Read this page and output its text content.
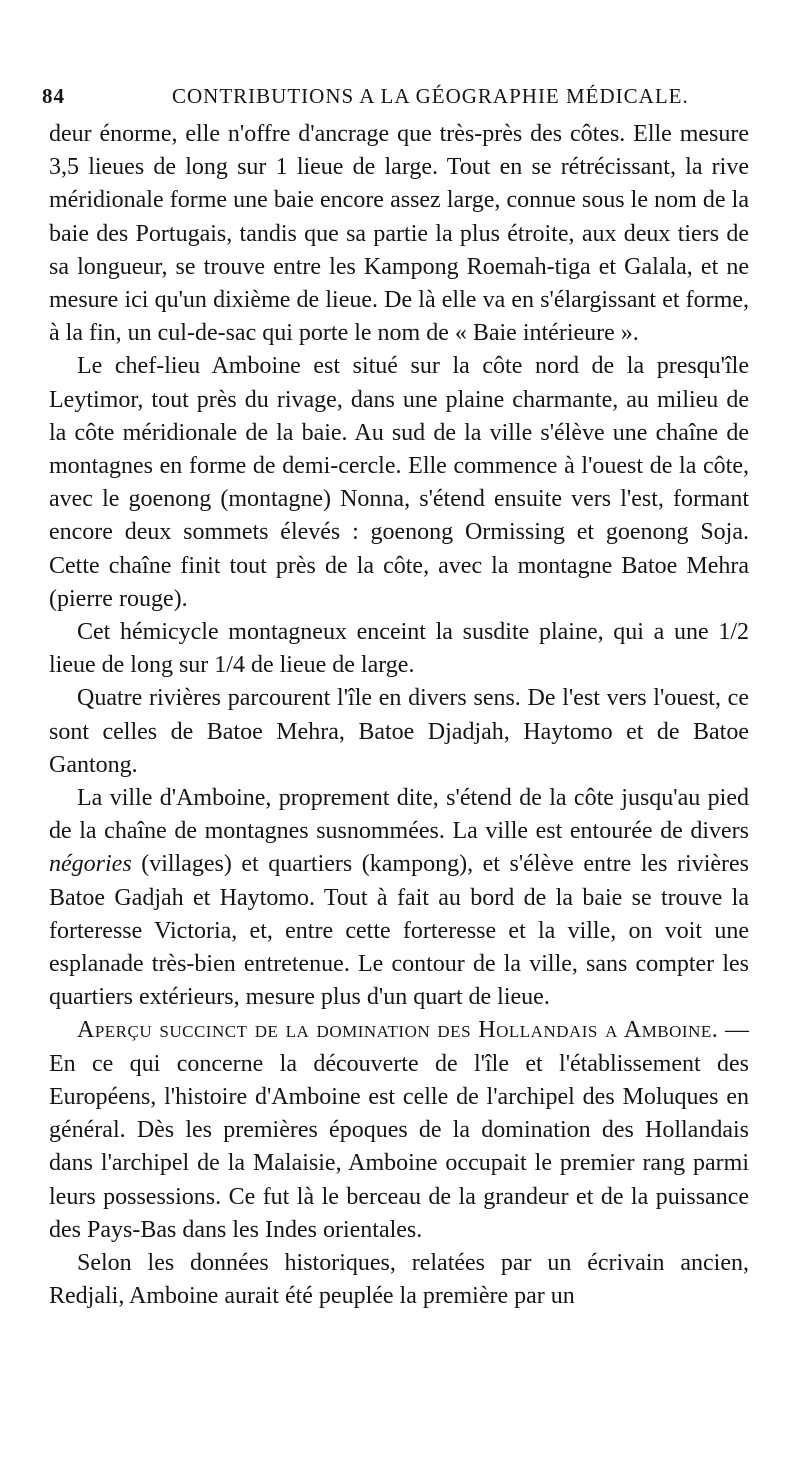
84	CONTRIBUTIONS A LA GÉOGRAPHIE MÉDICALE.

deur énorme, elle n'offre d'ancrage que très-près des côtes. Elle mesure 3,5 lieues de long sur 1 lieue de large. Tout en se rétrécissant, la rive méridionale forme une baie encore assez large, connue sous le nom de la baie des Portugais, tandis que sa partie la plus étroite, aux deux tiers de sa longueur, se trouve entre les Kampong Roemah-tiga et Galala, et ne mesure ici qu'un dixième de lieue. De là elle va en s'élargissant et forme, à la fin, un cul-de-sac qui porte le nom de « Baie intérieure ».

Le chef-lieu Amboine est situé sur la côte nord de la presqu'île Leytimor, tout près du rivage, dans une plaine charmante, au milieu de la côte méridionale de la baie. Au sud de la ville s'élève une chaîne de montagnes en forme de demi-cercle. Elle commence à l'ouest de la côte, avec le goenong (montagne) Nonna, s'étend ensuite vers l'est, formant encore deux sommets élevés : goenong Ormissing et goenong Soja. Cette chaîne finit tout près de la côte, avec la montagne Batoe Mehra (pierre rouge).

Cet hémicycle montagneux enceint la susdite plaine, qui a une 1/2 lieue de long sur 1/4 de lieue de large.

Quatre rivières parcourent l'île en divers sens. De l'est vers l'ouest, ce sont celles de Batoe Mehra, Batoe Djadjah, Haytomo et de Batoe Gantong.

La ville d'Amboine, proprement dite, s'étend de la côte jusqu'au pied de la chaîne de montagnes susnommées. La ville est entourée de divers négories (villages) et quartiers (kampong), et s'élève entre les rivières Batoe Gadjah et Haytomo. Tout à fait au bord de la baie se trouve la forteresse Victoria, et, entre cette forteresse et la ville, on voit une esplanade très-bien entretenue. Le contour de la ville, sans compter les quartiers extérieurs, mesure plus d'un quart de lieue.

Aperçu succinct de la domination des Hollandais a Amboine. — En ce qui concerne la découverte de l'île et l'établissement des Européens, l'histoire d'Amboine est celle de l'archipel des Moluques en général. Dès les premières époques de la domination des Hollandais dans l'archipel de la Malaisie, Amboine occupait le premier rang parmi leurs possessions. Ce fut là le berceau de la grandeur et de la puissance des Pays-Bas dans les Indes orientales.

Selon les données historiques, relatées par un écrivain ancien, Redjali, Amboine aurait été peuplée la première par un
